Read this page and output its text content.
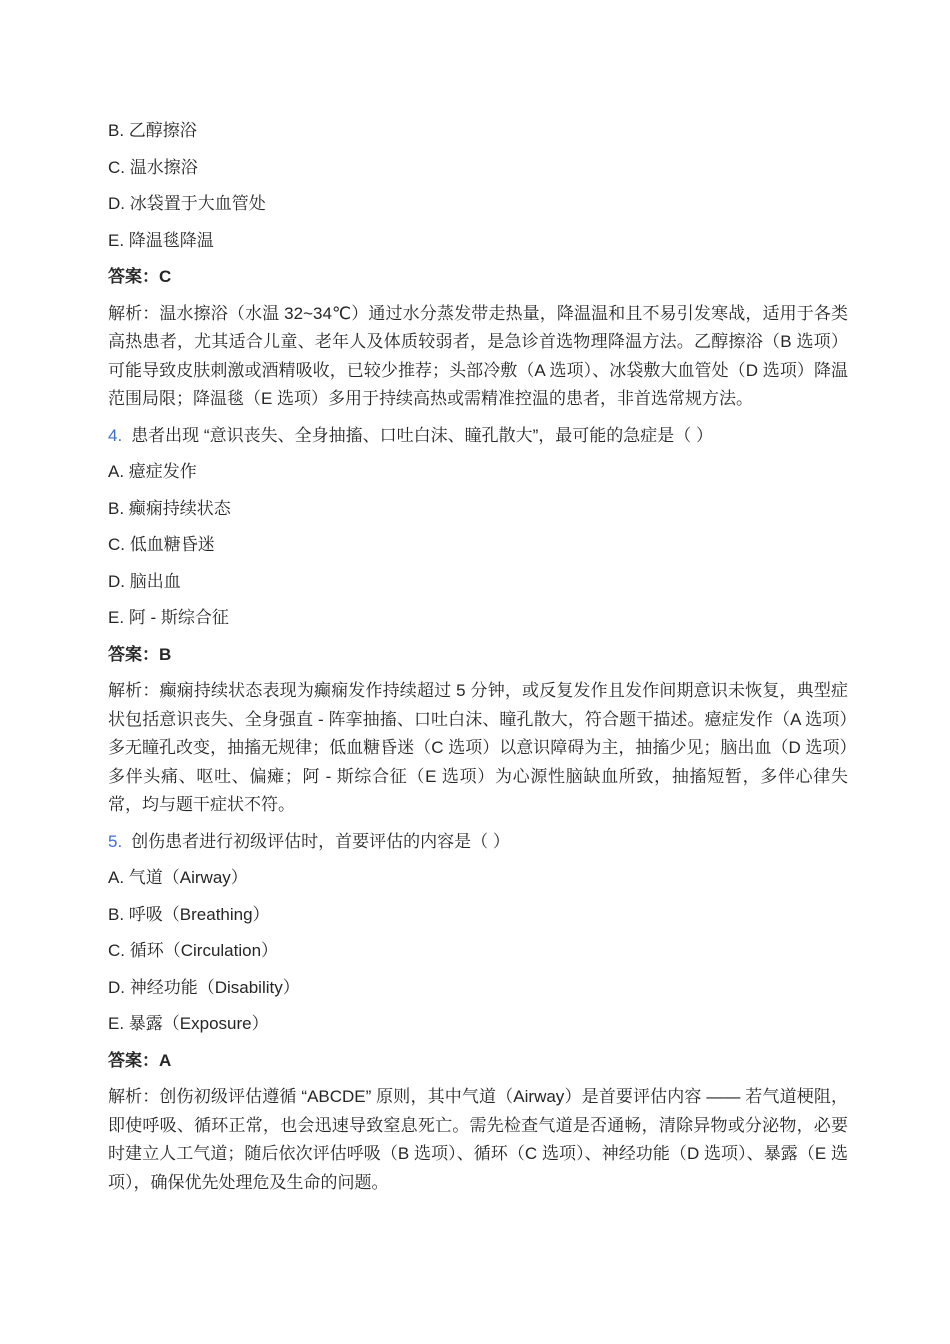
B. 乙醇擦浴

C. 温水擦浴

D. 冰袋置于大血管处

E. 降温毯降温

答案：C

解析：温水擦浴（水温 32~34℃）通过水分蒸发带走热量，降温温和且不易引发寒战，适用于各类高热患者，尤其适合儿童、老年人及体质较弱者，是急诊首选物理降温方法。乙醇擦浴（B 选项）可能导致皮肤刺激或酒精吸收，已较少推荐；头部冷敷（A 选项）、冰袋敷大血管处（D 选项）降温范围局限；降温毯（E 选项）多用于持续高热或需精准控温的患者，非首选常规方法。

4. 患者出现 “意识丧失、全身抽搐、口吐白沫、瞳孔散大”，最可能的急症是（ ）

A. 癔症发作

B. 癫痫持续状态

C. 低血糖昏迷

D. 脑出血

E. 阿 - 斯综合征

答案：B

解析：癫痫持续状态表现为癫痫发作持续超过 5 分钟，或反复发作且发作间期意识未恢复，典型症状包括意识丧失、全身强直 - 阵挛抽搐、口吐白沫、瞳孔散大，符合题干描述。癔症发作（A 选项）多无瞳孔改变，抽搐无规律；低血糖昏迷（C 选项）以意识障碍为主，抽搐少见；脑出血（D 选项）多伴头痛、呕吐、偏瘫；阿 - 斯综合征（E 选项）为心源性脑缺血所致，抽搐短暂，多伴心律失常，均与题干症状不符。

5. 创伤患者进行初级评估时，首要评估的内容是（ ）

A. 气道（Airway）

B. 呼吸（Breathing）

C. 循环（Circulation）

D. 神经功能（Disability）

E. 暴露（Exposure）

答案：A

解析：创伤初级评估遵循 “ABCDE” 原则，其中气道（Airway）是首要评估内容 —— 若气道梗阻，即使呼吸、循环正常，也会迅速导致窒息死亡。需先检查气道是否通畅，清除异物或分泌物，必要时建立人工气道；随后依次评估呼吸（B 选项）、循环（C 选项）、神经功能（D 选项）、暴露（E 选项），确保优先处理危及生命的问题。
